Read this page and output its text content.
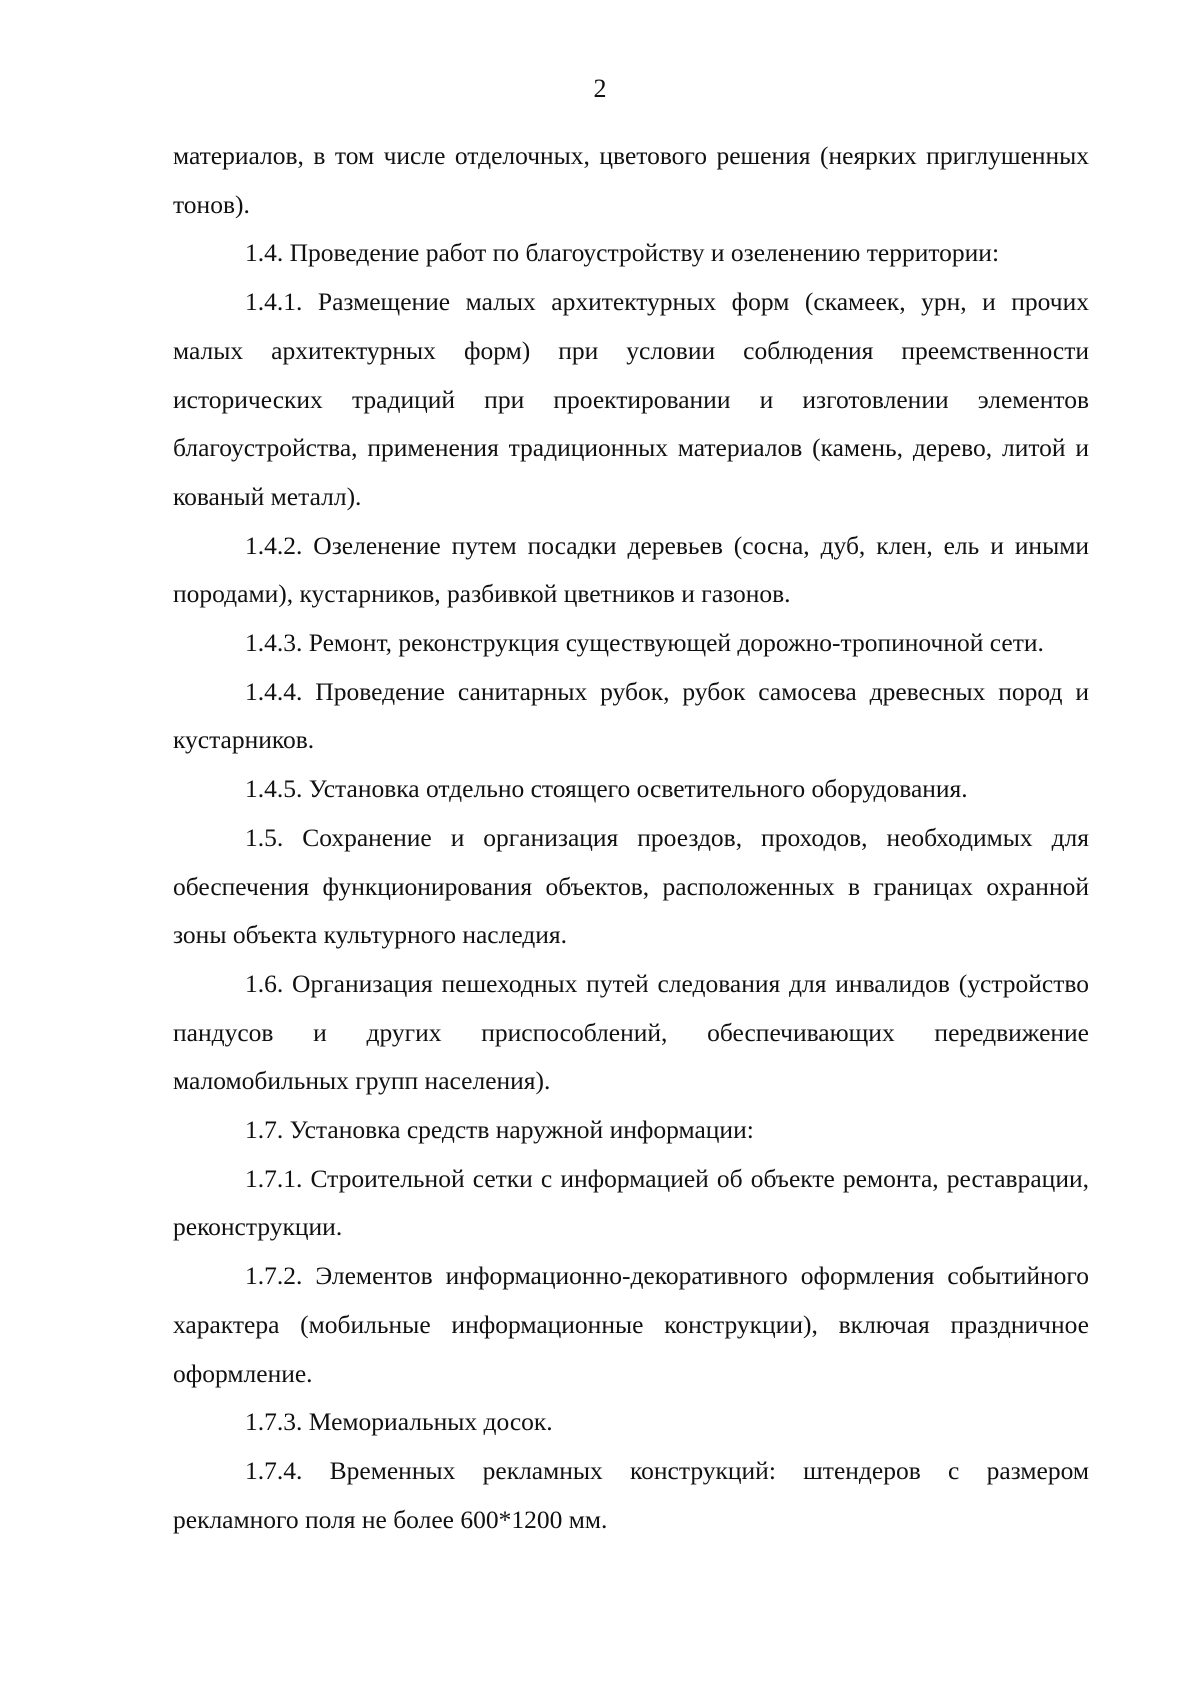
2

материалов, в том числе отделочных, цветового решения (неярких приглушенных тонов).

1.4. Проведение работ по благоустройству и озеленению территории:

1.4.1. Размещение малых архитектурных форм (скамеек, урн, и прочих малых архитектурных форм) при условии соблюдения преемственности исторических традиций при проектировании и изготовлении элементов благоустройства, применения традиционных материалов (камень, дерево, литой и кованый металл).

1.4.2. Озеленение путем посадки деревьев (сосна, дуб, клен, ель и иными породами), кустарников, разбивкой цветников и газонов.

1.4.3. Ремонт, реконструкция существующей дорожно-тропиночной сети.

1.4.4. Проведение санитарных рубок, рубок самосева древесных пород и кустарников.

1.4.5. Установка отдельно стоящего осветительного оборудования.

1.5. Сохранение и организация проездов, проходов, необходимых для обеспечения функционирования объектов, расположенных в границах охранной зоны объекта культурного наследия.

1.6. Организация пешеходных путей следования для инвалидов (устройство пандусов и других приспособлений, обеспечивающих передвижение маломобильных групп населения).

1.7. Установка средств наружной информации:

1.7.1. Строительной сетки с информацией об объекте ремонта, реставрации, реконструкции.

1.7.2. Элементов информационно-декоративного оформления событийного характера (мобильные информационные конструкции), включая праздничное оформление.

1.7.3. Мемориальных досок.

1.7.4. Временных рекламных конструкций: штендеров с размером рекламного поля не более 600*1200 мм.
